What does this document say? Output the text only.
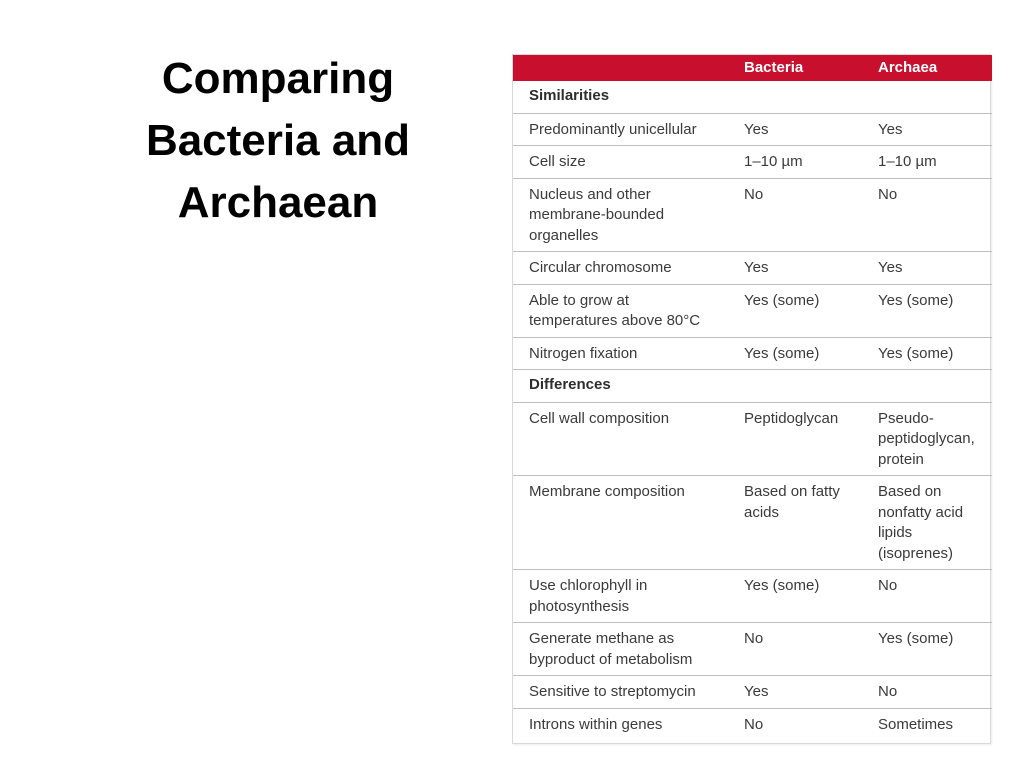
Comparing
Bacteria and
Archaean
	Bacteria	Archaea
Similarities		
Predominantly unicellular	Yes	Yes
Cell size	1–10 µm	1–10 µm
Nucleus and other membrane-bounded organelles	No	No
Circular chromosome	Yes	Yes
Able to grow at temperatures above 80°C	Yes (some)	Yes (some)
Nitrogen fixation	Yes (some)	Yes (some)
Differences		
Cell wall composition	Peptidoglycan	Pseudo-peptidoglycan, protein
Membrane composition	Based on fatty acids	Based on nonfatty acid lipids (isoprenes)
Use chlorophyll in photosynthesis	Yes (some)	No
Generate methane as byproduct of metabolism	No	Yes (some)
Sensitive to streptomycin	Yes	No
Introns within genes	No	Sometimes
